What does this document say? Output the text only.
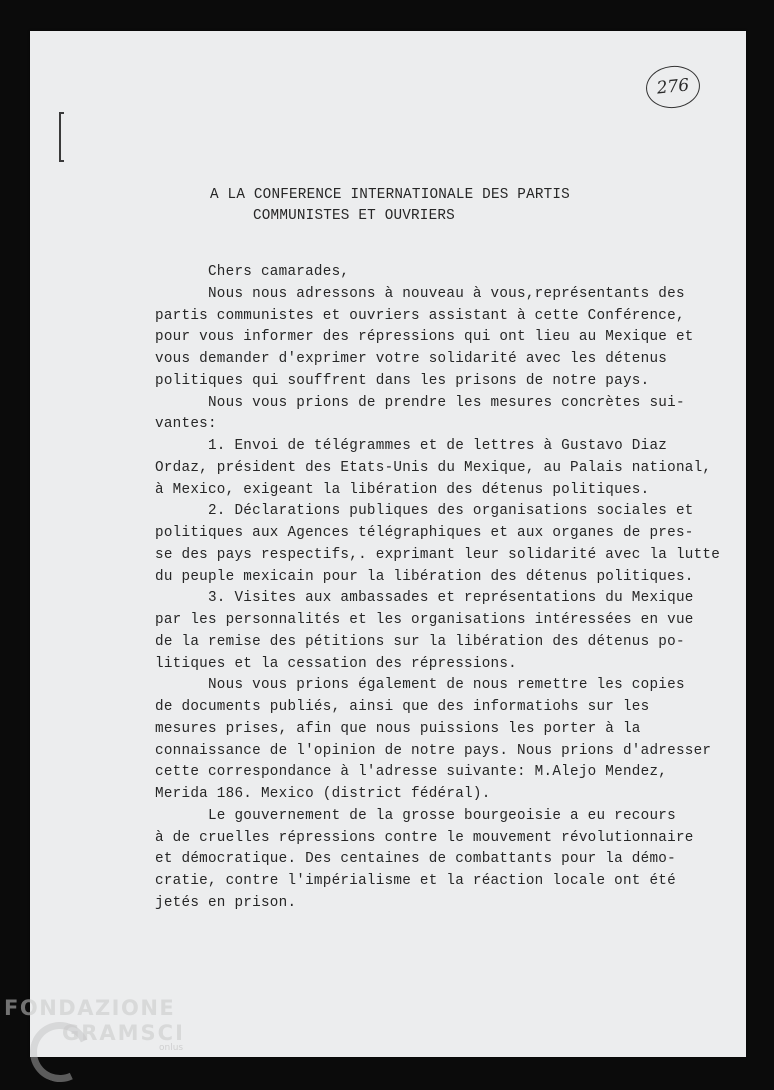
276
A LA CONFERENCE INTERNATIONALE DES PARTIS
COMMUNISTES ET OUVRIERS
Chers camarades,
Nous nous adressons à nouveau à vous,représentants des
partis communistes et ouvriers assistant à cette Conférence,
pour vous informer des répressions qui ont lieu au Mexique et
vous demander d'exprimer votre solidarité avec les détenus
politiques qui souffrent dans les prisons de notre pays.
Nous vous prions de prendre les mesures concrètes sui-
vantes:
1. Envoi de télégrammes et de lettres à Gustavo Diaz
Ordaz, président des Etats-Unis du Mexique, au Palais national,
à Mexico, exigeant la libération des détenus politiques.
2. Déclarations publiques des organisations sociales et
politiques aux Agences télégraphiques et aux organes de pres-
se des pays respectifs,. exprimant leur solidarité avec la lutte
du peuple mexicain pour la libération des détenus politiques.
3. Visites aux ambassades et représentations du Mexique
par les personnalités et les organisations intéressées en vue
de la remise des pétitions sur la libération des détenus po-
litiques et la cessation des répressions.
Nous vous prions également de nous remettre les copies
de documents publiés, ainsi que des informatiohs sur les
mesures prises, afin que nous puissions les porter à la
connaissance de l'opinion de notre pays. Nous prions d'adresser
cette correspondance à l'adresse suivante: M.Alejo Mendez,
Merida 186. Mexico (district fédéral).
Le gouvernement de la grosse bourgeoisie a eu recours
à de cruelles répressions contre le mouvement révolutionnaire
et démocratique. Des centaines de combattants pour la démo-
cratie, contre l'impérialisme et la réaction locale ont été
jetés en prison.
FONDAZIONE
GRAMSCI
onlus
